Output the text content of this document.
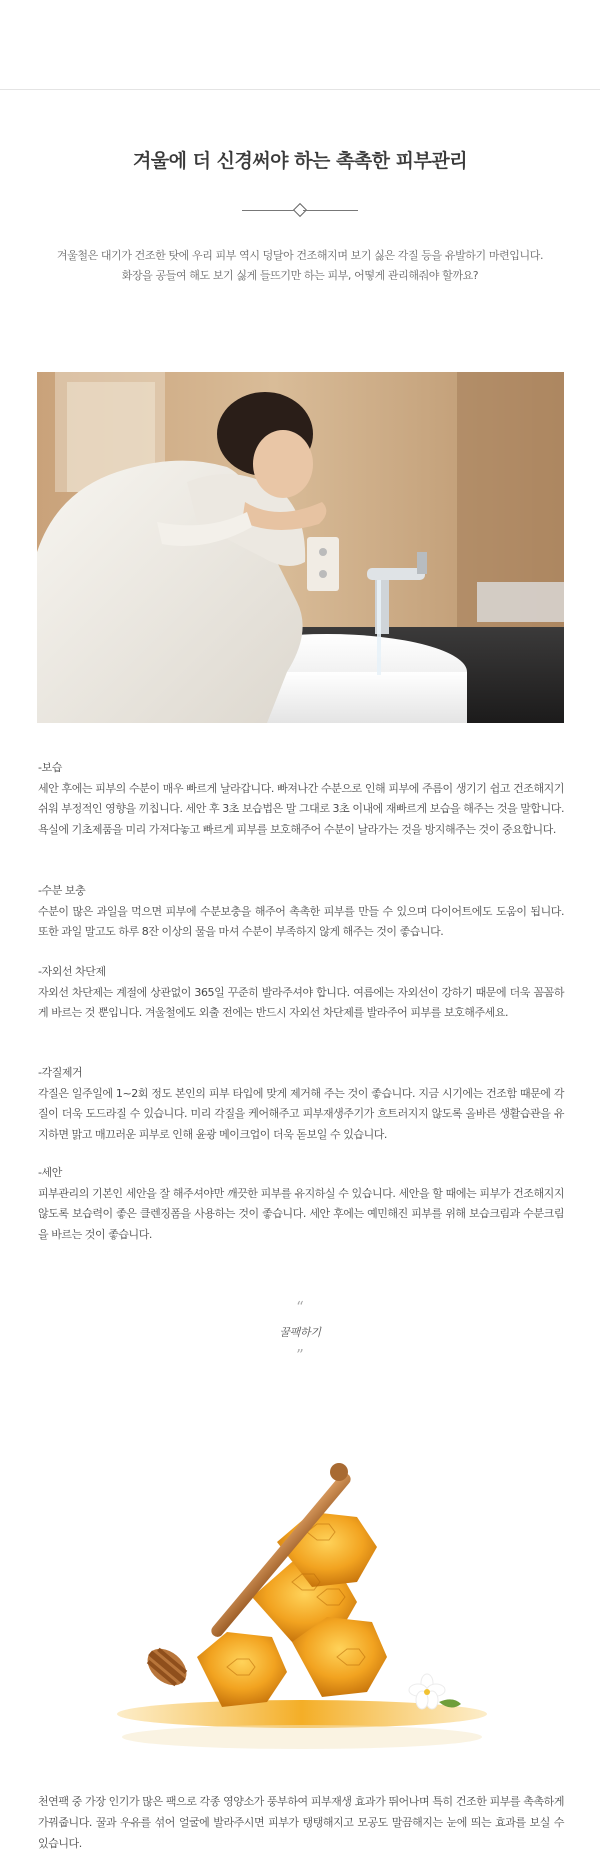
겨울에 더 신경써야 하는 촉촉한 피부관리
겨울철은 대기가 건조한 탓에 우리 피부 역시 덩달아 건조해지며 보기 싫은 각질 등을 유발하기 마련입니다.
화장을 공들여 해도 보기 싫게 들뜨기만 하는 피부, 어떻게 관리해줘야 할까요?
-보습
세안 후에는 피부의 수분이 매우 빠르게 날라갑니다. 빠져나간 수분으로 인해 피부에 주름이 생기기 쉽고 건조해지기 쉬워 부정적인 영향을 끼칩니다. 세안 후 3초 보습법은 말 그대로 3초 이내에 재빠르게 보습을 해주는 것을 말합니다. 욕실에 기초제품을 미리 가져다놓고 빠르게 피부를 보호해주어 수분이 날라가는 것을 방지해주는 것이 중요합니다.
-수분 보충
수분이 많은 과일을 먹으면 피부에 수분보충을 해주어 촉촉한 피부를 만들 수 있으며 다이어트에도 도움이 됩니다. 또한 과일 말고도 하루 8잔 이상의 물을 마셔 수분이 부족하지 않게 해주는 것이 좋습니다.
-자외선 차단제
자외선 차단제는 계절에 상관없이 365일 꾸준히 발라주셔야 합니다. 여름에는 자외선이 강하기 때문에 더욱 꼼꼼하게 바르는 것 뿐입니다. 겨울철에도 외출 전에는 반드시 자외선 차단제를 발라주어 피부를 보호해주세요.
-각질제거
각질은 일주일에 1~2회 정도 본인의 피부 타입에 맞게 제거해 주는 것이 좋습니다. 지금 시기에는 건조함 때문에 각질이 더욱 도드라질 수 있습니다. 미리 각질을 케어해주고 피부재생주기가 흐트러지지 않도록 올바른 생활습관을 유지하면 맑고 매끄러운 피부로 인해 윤광 메이크업이 더욱 돋보일 수 있습니다.
-세안
피부관리의 기본인 세안을 잘 해주셔야만 깨끗한 피부를 유지하실 수 있습니다. 세안을 할 때에는 피부가 건조해지지 않도록 보습력이 좋은 클렌징폼을 사용하는 것이 좋습니다. 세안 후에는 예민해진 피부를 위해 보습크림과 수분크림을 바르는 것이 좋습니다.
“
꿀팩하기
”
천연팩 중 가장 인기가 많은 팩으로 각종 영양소가 풍부하여 피부재생 효과가 뛰어나며 특히 건조한 피부를 촉촉하게 가꿔줍니다. 꿀과 우유를 섞어 얼굴에 발라주시면 피부가 탱탱해지고 모공도 말끔해지는 눈에 띄는 효과를 보실 수 있습니다.
